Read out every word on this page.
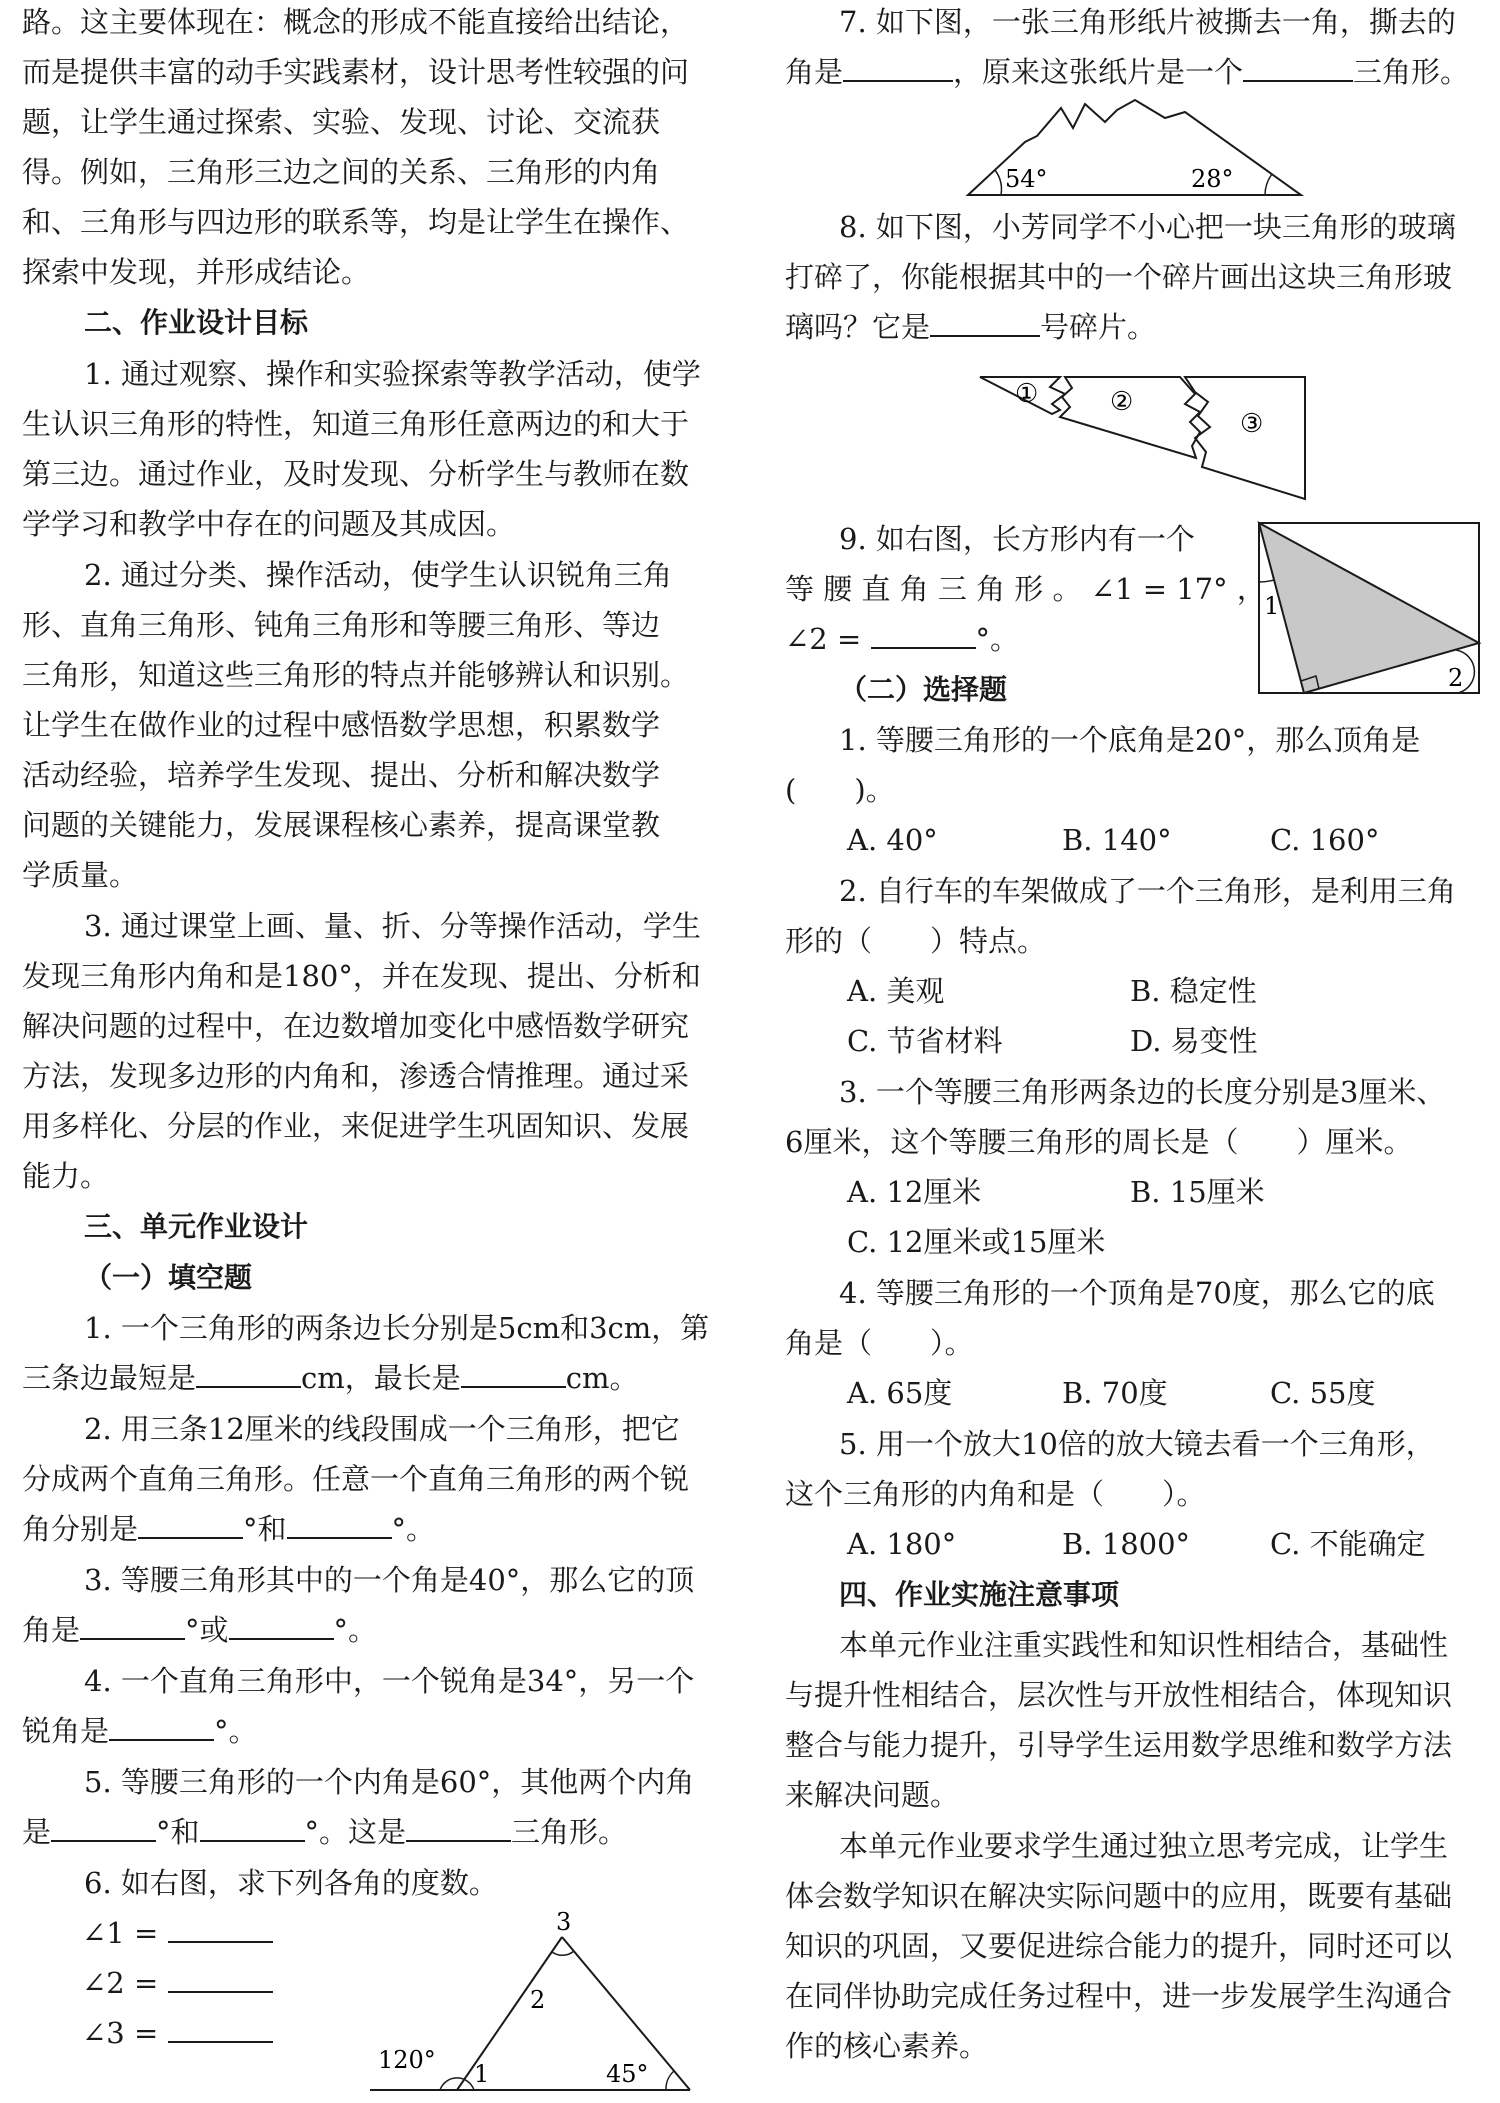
路。这主要体现在：概念的形成不能直接给出结论，
而是提供丰富的动手实践素材，设计思考性较强的问
题，让学生通过探索、实验、发现、讨论、交流获
得。例如，三角形三边之间的关系、三角形的内角
和、三角形与四边形的联系等，均是让学生在操作、
探索中发现，并形成结论。
二、作业设计目标
1. 通过观察、操作和实验探索等教学活动，使学
生认识三角形的特性，知道三角形任意两边的和大于
第三边。通过作业，及时发现、分析学生与教师在数
学学习和教学中存在的问题及其成因。
2. 通过分类、操作活动，使学生认识锐角三角
形、直角三角形、钝角三角形和等腰三角形、等边
三角形，知道这些三角形的特点并能够辨认和识别。
让学生在做作业的过程中感悟数学思想，积累数学
活动经验，培养学生发现、提出、分析和解决数学
问题的关键能力，发展课程核心素养，提高课堂教
学质量。
3. 通过课堂上画、量、折、分等操作活动，学生
发现三角形内角和是180°，并在发现、提出、分析和
解决问题的过程中，在边数增加变化中感悟数学研究
方法，发现多边形的内角和，渗透合情推理。通过采
用多样化、分层的作业，来促进学生巩固知识、发展
能力。
三、单元作业设计
（一）填空题
1. 一个三角形的两条边长分别是5cm和3cm，第
三条边最短是	cm，最长是	cm。
2. 用三条12厘米的线段围成一个三角形，把它
分成两个直角三角形。任意一个直角三角形的两个锐
角分别是	°和	°。
3. 等腰三角形其中的一个角是40°，那么它的顶
角是	°或	°。
4. 一个直角三角形中，一个锐角是34°，另一个
锐角是	°。
5. 等腰三角形的一个内角是60°，其他两个内角
是	°和	°。这是	三角形。
6. 如右图，求下列各角的度数。
∠1 =
∠2 =
∠3 =
120° 1
2
3
45°
7. 如下图，一张三角形纸片被撕去一角，撕去的
角是	，原来这张纸片是一个	三角形。
54°	28°
8. 如下图，小芳同学不小心把一块三角形的玻璃
打碎了，你能根据其中的一个碎片画出这块三角形玻
璃吗？它是	号碎片。
①	②
③
9. 如右图，长方形内有一个
等 腰 直 角 三 角 形 。 ∠1 = 17° ，
∠2 =	°。
1
2
（二）选择题
1. 等腰三角形的一个底角是20°，那么顶角是
(　　)。
A. 40°	B. 140°	C. 160°
2. 自行车的车架做成了一个三角形，是利用三角
形的（　　）特点。
A. 美观	B. 稳定性
C. 节省材料	D. 易变性
3. 一个等腰三角形两条边的长度分别是3厘米、
6厘米，这个等腰三角形的周长是（　　）厘米。
A. 12厘米	B. 15厘米
C. 12厘米或15厘米
4. 等腰三角形的一个顶角是70度，那么它的底
角是（　　）。
A. 65度	B. 70度	C. 55度
5. 用一个放大10倍的放大镜去看一个三角形，
这个三角形的内角和是（　　）。
A. 180°	B. 1800°	C. 不能确定
四、作业实施注意事项
本单元作业注重实践性和知识性相结合，基础性
与提升性相结合，层次性与开放性相结合，体现知识
整合与能力提升，引导学生运用数学思维和数学方法
来解决问题。
本单元作业要求学生通过独立思考完成，让学生
体会数学知识在解决实际问题中的应用，既要有基础
知识的巩固，又要促进综合能力的提升，同时还可以
在同伴协助完成任务过程中，进一步发展学生沟通合
作的核心素养。
